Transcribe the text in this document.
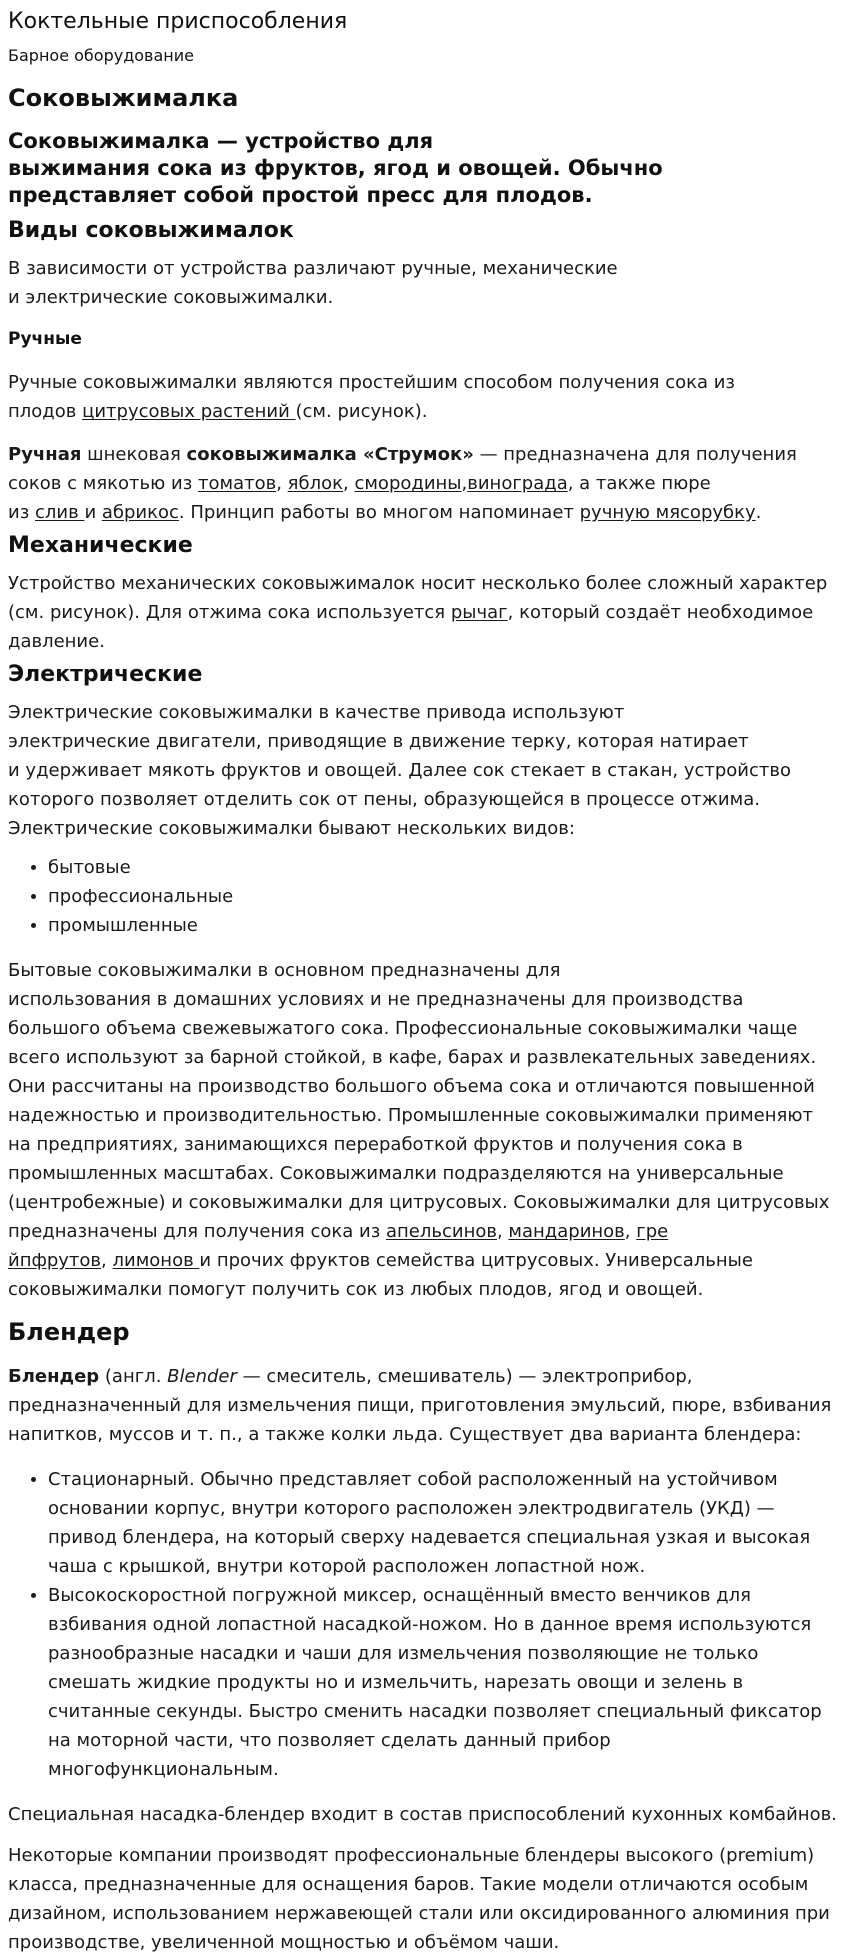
Коктельные приспособления
Барное оборудование
Соковыжималка
Соковыжималка — устройство для
выжимания сока из фруктов, ягод и овощей. Обычно
представляет собой простой пресс для плодов.
Виды соковыжималок

В зависимости от устройства различают ручные, механические
и электрические соковыжималки.

Ручные

Ручные соковыжималки являются простейшим способом получения сока из
плодов цитрусовых растений (см. рисунок).

Ручная шнековая соковыжималка «Струмок» — предназначена для получения
соков с мякотью из томатов, яблок, смородины,винограда, а также пюре
из слив и абрикос. Принцип работы во многом напоминает ручную мясорубку.

Механические

Устройство механических соковыжималок носит несколько более сложный характер
(см. рисунок). Для отжима сока используется рычаг, который создаёт необходимое
давление.

Электрические

Электрические соковыжималки в качестве привода используют
электрические двигатели, приводящие в движение терку, которая натирает
и удерживает мякоть фруктов и овощей. Далее сок стекает в стакан, устройство
которого позволяет отделить сок от пены, образующейся в процессе отжима.
Электрические соковыжималки бывают нескольких видов:

• бытовые
• профессиональные
• промышленные

Бытовые соковыжималки в основном предназначены для
использования в домашних условиях и не предназначены для производства
большого объема свежевыжатого сока. Профессиональные соковыжималки чаще
всего используют за барной стойкой, в кафе, барах и развлекательных заведениях.
Они рассчитаны на производство большого объема сока и отличаются повышенной
надежностью и производительностью. Промышленные соковыжималки применяют
на предприятиях, занимающихся переработкой фруктов и получения сока в
промышленных масштабах. Соковыжималки подразделяются на универсальные
(центробежные) и соковыжималки для цитрусовых. Соковыжималки для цитрусовых
предназначены для получения сока из апельсинов, мандаринов, гре
йпфрутов, лимонов и прочих фруктов семейства цитрусовых. Универсальные
соковыжималки помогут получить сок из любых плодов, ягод и овощей.

Блендер

Блендер (англ. Blender — смеситель, смешиватель) — электроприбор,
предназначенный для измельчения пищи, приготовления эмульсий, пюре, взбивания
напитков, муссов и т. п., а также колки льда. Существует два варианта блендера:

• Стационарный. Обычно представляет собой расположенный на устойчивом
основании корпус, внутри которого расположен электродвигатель (УКД) —
привод блендера, на который сверху надевается специальная узкая и высокая
чаша с крышкой, внутри которой расположен лопастной нож.
• Высокоскоростной погружной миксер, оснащённый вместо венчиков для
взбивания одной лопастной насадкой-ножом. Но в данное время используются
разнообразные насадки и чаши для измельчения позволяющие не только
смешать жидкие продукты но и измельчить, нарезать овощи и зелень в
считанные секунды. Быстро сменить насадки позволяет специальный фиксатор
на моторной части, что позволяет сделать данный прибор
многофункциональным.

Специальная насадка-блендер входит в состав приспособлений кухонных комбайнов.

Некоторые компании производят профессиональные блендеры высокого (premium)
класса, предназначенные для оснащения баров. Такие модели отличаются особым
дизайном, использованием нержавеющей стали или оксидированного алюминия при
производстве, увеличенной мощностью и объёмом чаши.
